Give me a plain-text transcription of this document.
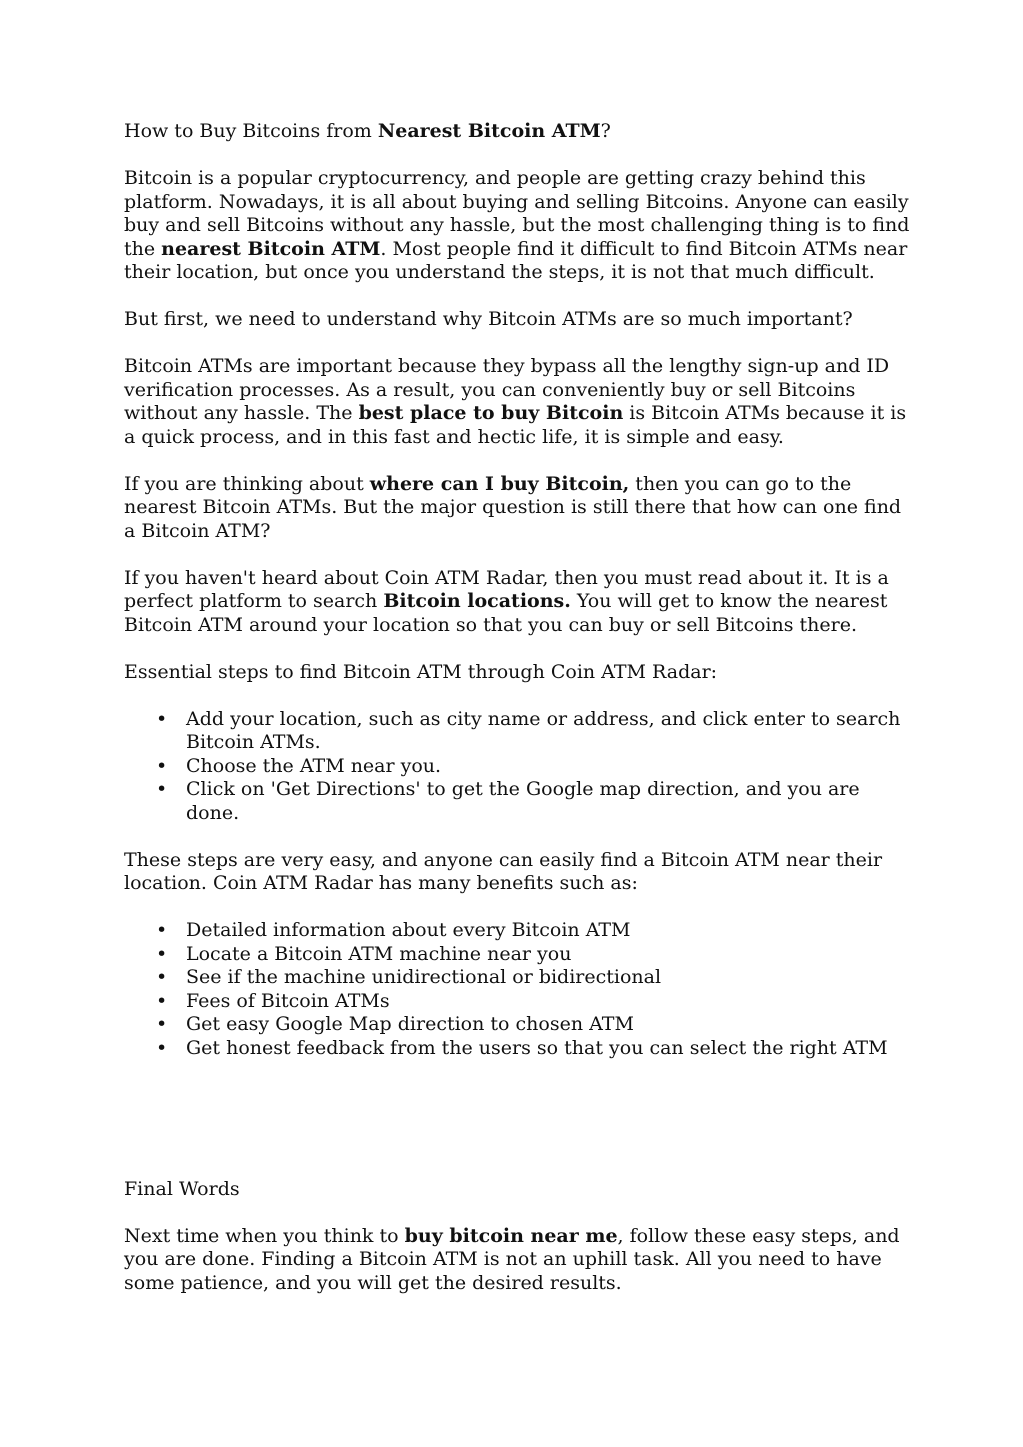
How to Buy Bitcoins from Nearest Bitcoin ATM?

Bitcoin is a popular cryptocurrency, and people are getting crazy behind this platform. Nowadays, it is all about buying and selling Bitcoins. Anyone can easily buy and sell Bitcoins without any hassle, but the most challenging thing is to find the nearest Bitcoin ATM. Most people find it difficult to find Bitcoin ATMs near their location, but once you understand the steps, it is not that much difficult.

But first, we need to understand why Bitcoin ATMs are so much important?

Bitcoin ATMs are important because they bypass all the lengthy sign-up and ID verification processes. As a result, you can conveniently buy or sell Bitcoins without any hassle. The best place to buy Bitcoin is Bitcoin ATMs because it is a quick process, and in this fast and hectic life, it is simple and easy.

If you are thinking about where can I buy Bitcoin, then you can go to the nearest Bitcoin ATMs. But the major question is still there that how can one find a Bitcoin ATM?

If you haven't heard about Coin ATM Radar, then you must read about it. It is a perfect platform to search Bitcoin locations. You will get to know the nearest Bitcoin ATM around your location so that you can buy or sell Bitcoins there.

Essential steps to find Bitcoin ATM through Coin ATM Radar:

• Add your location, such as city name or address, and click enter to search Bitcoin ATMs.
• Choose the ATM near you.
• Click on 'Get Directions' to get the Google map direction, and you are done.

These steps are very easy, and anyone can easily find a Bitcoin ATM near their location. Coin ATM Radar has many benefits such as:

• Detailed information about every Bitcoin ATM
• Locate a Bitcoin ATM machine near you
• See if the machine unidirectional or bidirectional
• Fees of Bitcoin ATMs
• Get easy Google Map direction to chosen ATM
• Get honest feedback from the users so that you can select the right ATM

Final Words

Next time when you think to buy bitcoin near me, follow these easy steps, and you are done. Finding a Bitcoin ATM is not an uphill task. All you need to have some patience, and you will get the desired results.
